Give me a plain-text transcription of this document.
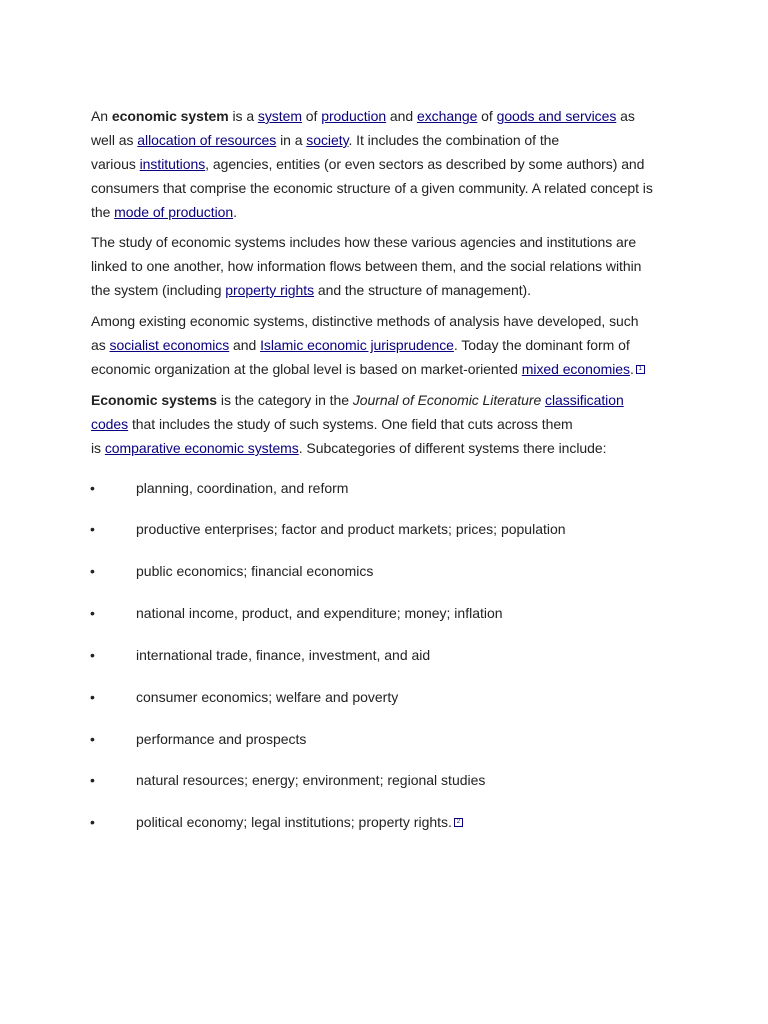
An economic system is a system of production and exchange of goods and services as
well as allocation of resources in a society. It includes the combination of the
various institutions, agencies, entities (or even sectors as described by some authors) and
consumers that comprise the economic structure of a given community. A related concept is
the mode of production.

The study of economic systems includes how these various agencies and institutions are
linked to one another, how information flows between them, and the social relations within
the system (including property rights and the structure of management).

Among existing economic systems, distinctive methods of analysis have developed, such
as socialist economics and Islamic economic jurisprudence. Today the dominant form of
economic organization at the global level is based on market-oriented mixed economies. 1

Economic systems is the category in the Journal of Economic Literature classification
codes that includes the study of such systems. One field that cuts across them
is comparative economic systems. Subcategories of different systems there include:

•	planning, coordination, and reform
•	productive enterprises; factor and product markets; prices; population
•	public economics; financial economics
•	national income, product, and expenditure; money; inflation
•	international trade, finance, investment, and aid
•	consumer economics; welfare and poverty
•	performance and prospects
•	natural resources; energy; environment; regional studies
•	political economy; legal institutions; property rights. 2
